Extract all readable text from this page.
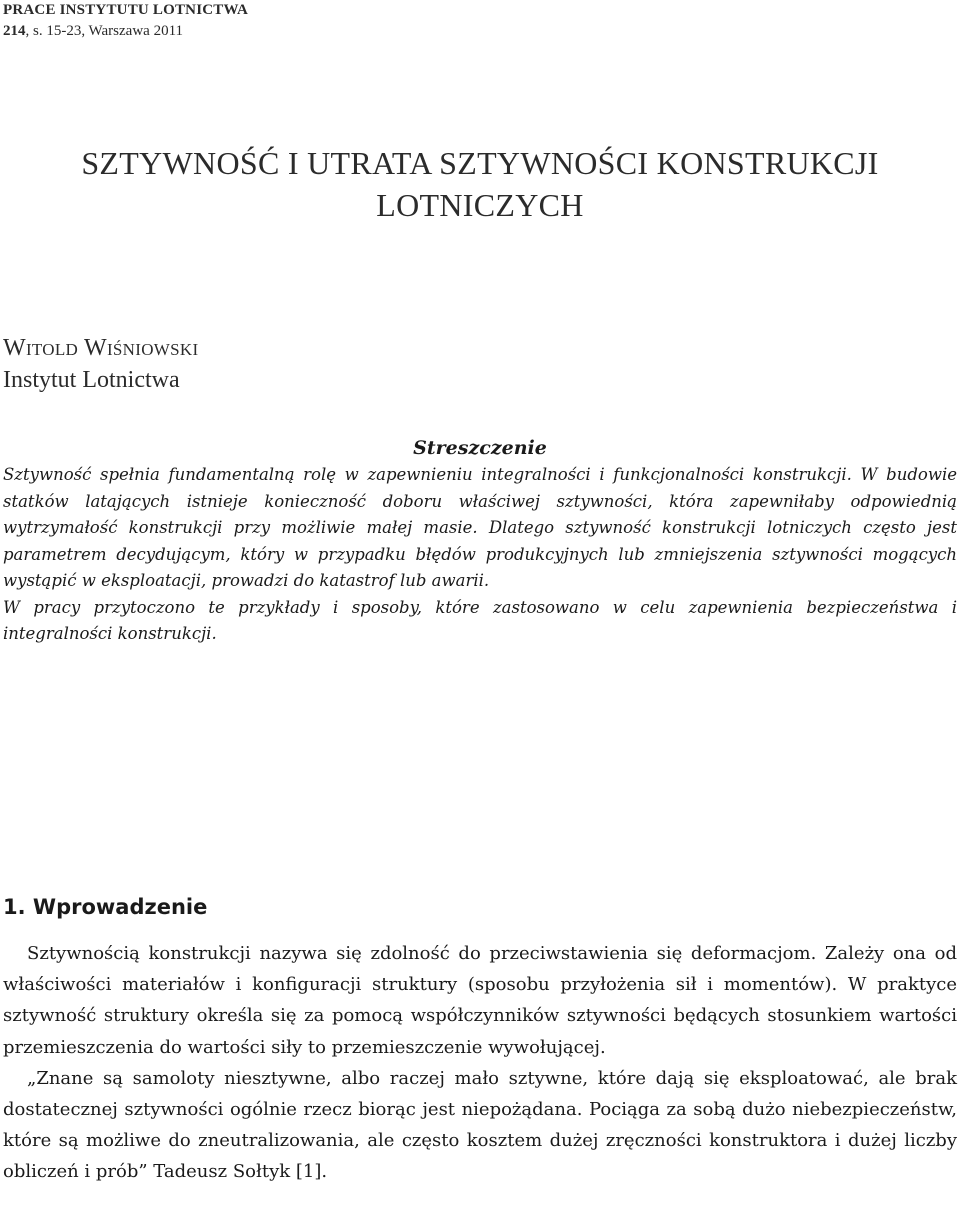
PRACE INSTYTUTU LOTNICTWA
214, s. 15-23, Warszawa 2011
SZTYWNOŚĆ I UTRATA SZTYWNOŚCI KONSTRUKCJI LOTNICZYCH
Witold Wiśniowski
Instytut Lotnictwa
Streszczenie

Sztywność spełnia fundamentalną rolę w zapewnieniu integralności i funkcjonalności konstrukcji. W budowie statków latających istnieje konieczność doboru właściwej sztywności, która zapewniłaby odpowiednią wytrzymałość konstrukcji przy możliwie małej masie. Dlatego sztywność konstrukcji lotniczych często jest parametrem decydującym, który w przypadku błędów produkcyjnych lub zmniejszenia sztywności mogących wystąpić w eksploatacji, prowadzi do katastrof lub awarii.

W pracy przytoczono te przykłady i sposoby, które zastosowano w celu zapewnienia bezpieczeństwa i integralności konstrukcji.

1. Wprowadzenie

Sztywnością konstrukcji nazywa się zdolność do przeciwstawienia się deformacjom. Zależy ona od właściwości materiałów i konfiguracji struktury (sposobu przyłożenia sił i momentów). W praktyce sztywność struktury określa się za pomocą współczynników sztywności będących stosunkiem wartości przemieszczenia do wartości siły to przemieszczenie wywołującej.

„Znane są samoloty niesztywne, albo raczej mało sztywne, które dają się eksploatować, ale brak dostatecznej sztywności ogólnie rzecz biorąc jest niepożądana. Pociąga za sobą dużo niebezpieczeństw, które są możliwe do zneutralizowania, ale często kosztem dużej zręczności konstruktora i dużej liczby obliczeń i prób” Tadeusz Sołtyk [1].
